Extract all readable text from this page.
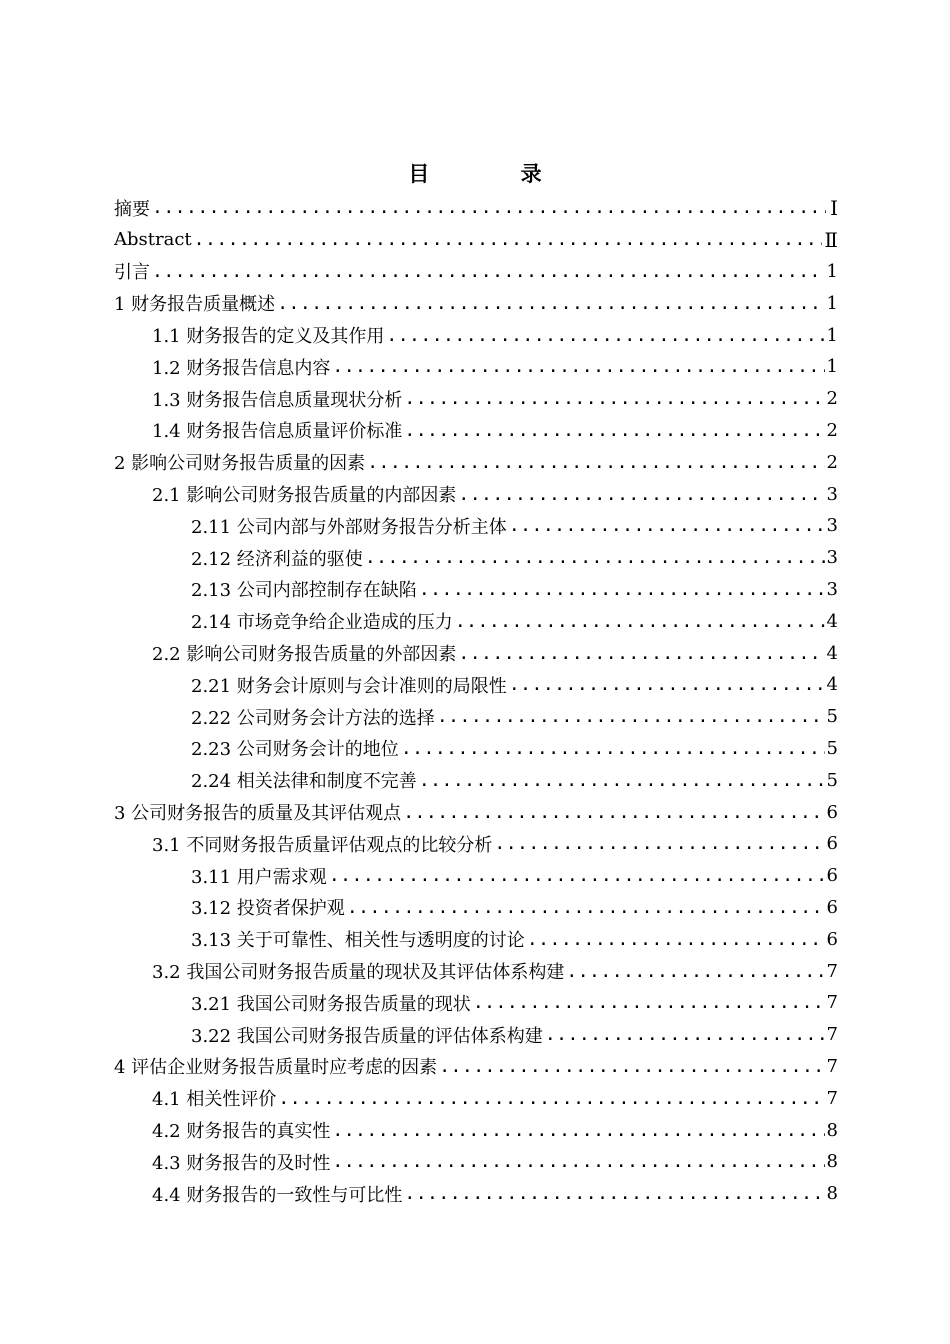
目 录
摘要 .....	Ⅰ
Abstract .....	Ⅱ
引言 .....	1
1 财务报告质量概述 .....	1
1.1 财务报告的定义及其作用 .....	1
1.2 财务报告信息内容 .....	1
1.3 财务报告信息质量现状分析 .....	2
1.4 财务报告信息质量评价标准 .....	2
2 影响公司财务报告质量的因素 .....	2
2.1 影响公司财务报告质量的内部因素 .....	3
2.11 公司内部与外部财务报告分析主体 .....	3
2.12 经济利益的驱使 .....	3
2.13 公司内部控制存在缺陷 .....	3
2.14 市场竞争给企业造成的压力 .....	4
2.2 影响公司财务报告质量的外部因素 .....	4
2.21 财务会计原则与会计准则的局限性 .....	4
2.22 公司财务会计方法的选择 .....	5
2.23 公司财务会计的地位 .....	5
2.24 相关法律和制度不完善 .....	5
3 公司财务报告的质量及其评估观点 .....	6
3.1 不同财务报告质量评估观点的比较分析 .....	6
3.11 用户需求观 .....	6
3.12 投资者保护观 .....	6
3.13 关于可靠性、相关性与透明度的讨论 .....	6
3.2 我国公司财务报告质量的现状及其评估体系构建 .....	7
3.21 我国公司财务报告质量的现状 .....	7
3.22 我国公司财务报告质量的评估体系构建 .....	7
4 评估企业财务报告质量时应考虑的因素 .....	7
4.1 相关性评价 .....	7
4.2 财务报告的真实性 .....	8
4.3 财务报告的及时性 .....	8
4.4 财务报告的一致性与可比性 .....	8
